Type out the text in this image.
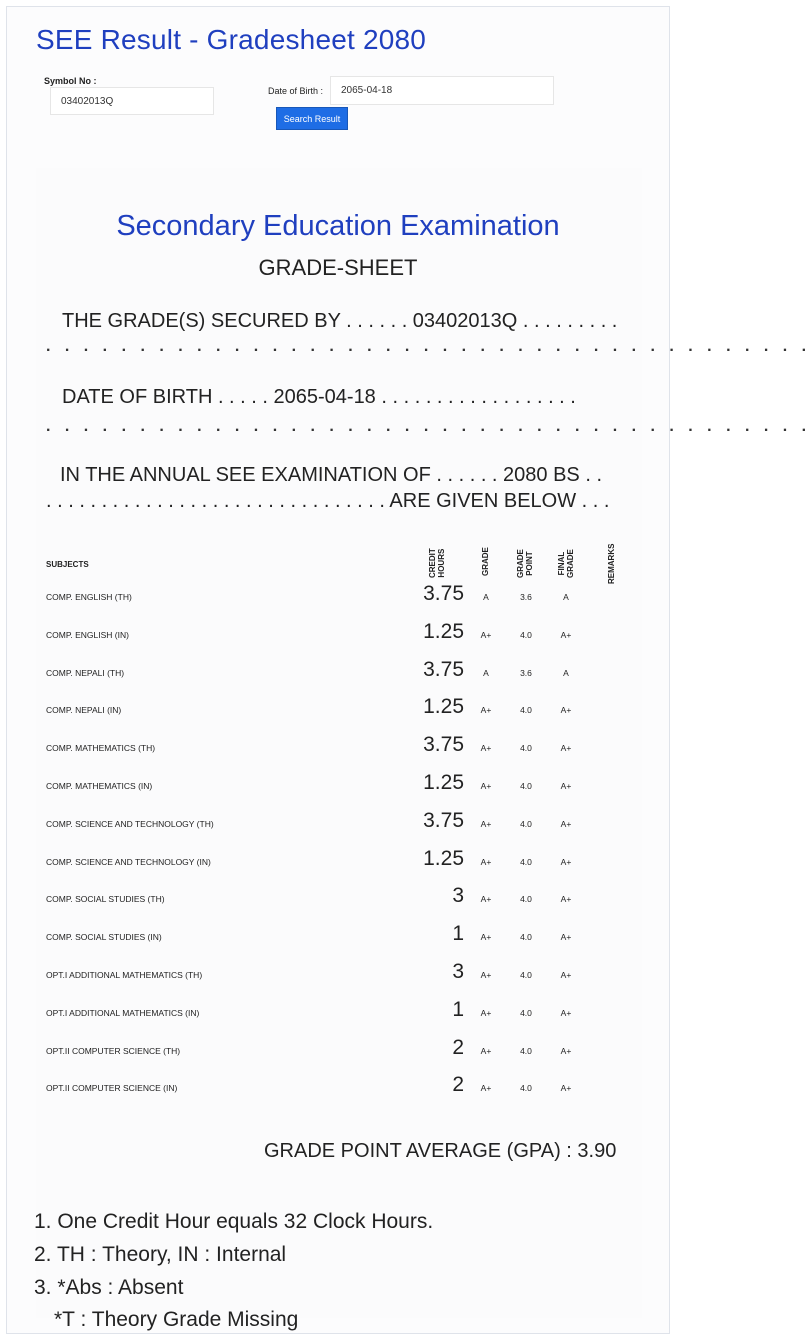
SEE Result - Gradesheet 2080
Symbol No :
03402013Q
Date of Birth : 2065-04-18
Search Result
Secondary Education Examination
GRADE-SHEET
THE GRADE(S) SECURED BY . . . . . . 03402013Q . . . . . . . . .
. . . . . . . . . . . . . . . . . . . . . . . . . . . . . . . . . . . . . . . . .
DATE OF BIRTH . . . . . 2065-04-18 . . . . . . . . . . . . . . . . . .
. . . . . . . . . . . . . . . . . . . . . . . . . . . . . . . . . . . . . . . . .
IN THE ANNUAL SEE EXAMINATION OF . . . . . . 2080 BS . .
. . . . . . . . . . . . . . . . . . . . . . . . . . . . . . . ARE GIVEN BELOW . . .
SUBJECTS	CREDIT HOURS	GRADE	GRADE POINT	FINAL GRADE	REMARKS
COMP. ENGLISH (TH)	3.75	A	3.6	A
COMP. ENGLISH (IN)	1.25	A+	4.0	A+
COMP. NEPALI (TH)	3.75	A	3.6	A
COMP. NEPALI (IN)	1.25	A+	4.0	A+
COMP. MATHEMATICS (TH)	3.75	A+	4.0	A+
COMP. MATHEMATICS (IN)	1.25	A+	4.0	A+
COMP. SCIENCE AND TECHNOLOGY (TH)	3.75	A+	4.0	A+
COMP. SCIENCE AND TECHNOLOGY (IN)	1.25	A+	4.0	A+
COMP. SOCIAL STUDIES (TH)	3	A+	4.0	A+
COMP. SOCIAL STUDIES (IN)	1	A+	4.0	A+
OPT.I ADDITIONAL MATHEMATICS (TH)	3	A+	4.0	A+
OPT.I ADDITIONAL MATHEMATICS (IN)	1	A+	4.0	A+
OPT.II COMPUTER SCIENCE (TH)	2	A+	4.0	A+
OPT.II COMPUTER SCIENCE (IN)	2	A+	4.0	A+
GRADE POINT AVERAGE (GPA) : 3.90
1. One Credit Hour equals 32 Clock Hours.
2. TH : Theory, IN : Internal
3. *Abs : Absent
*T : Theory Grade Missing
